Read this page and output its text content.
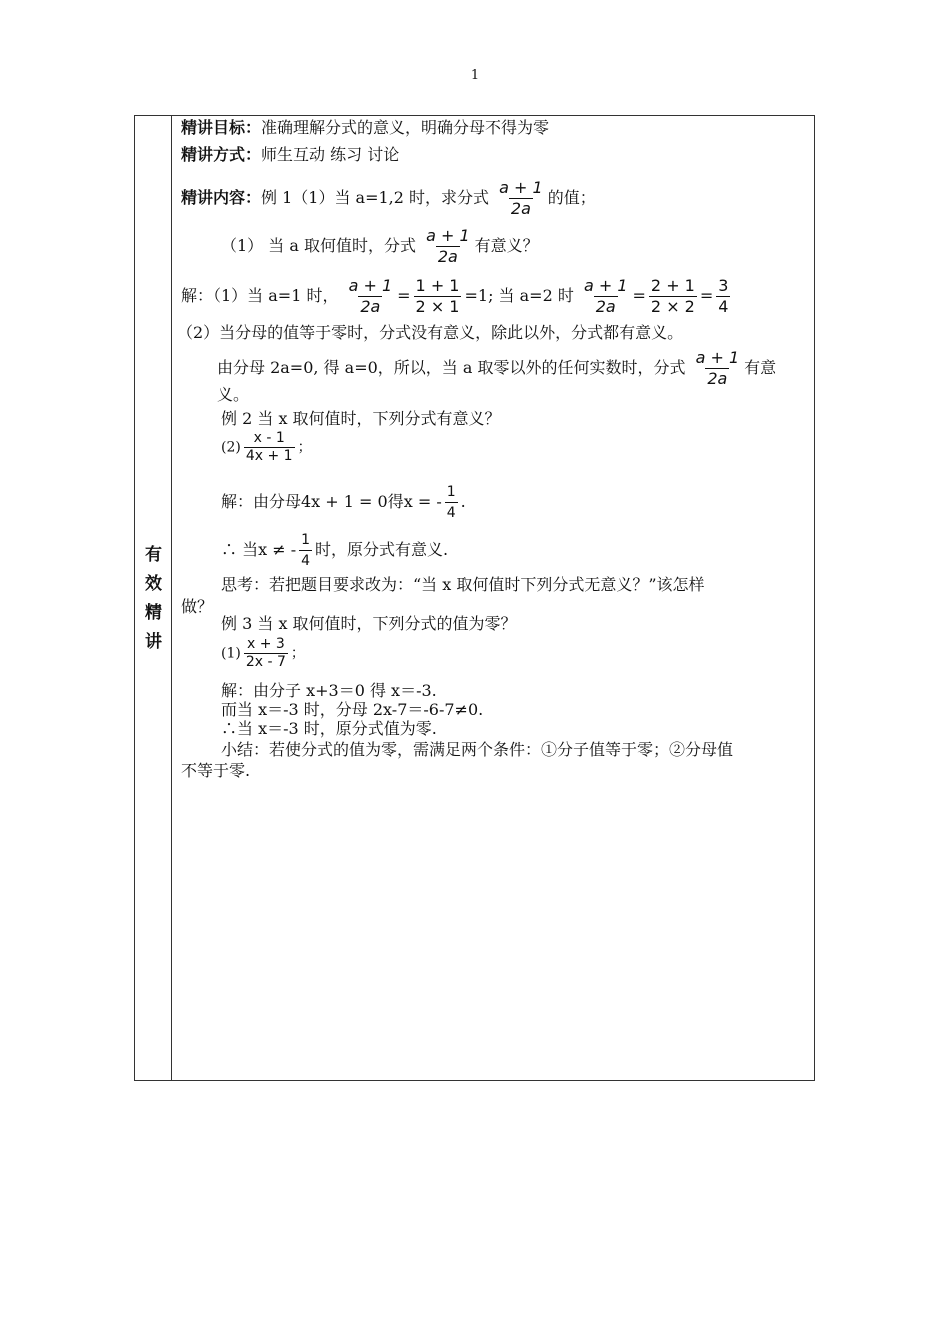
1
有
效
精
讲
精讲目标：准确理解分式的意义，明确分母不得为零
精讲方式：师生互动 练习 讨论
精讲内容：例 1（1）当 a=1,2 时，求分式 $\frac{a + 1}{2a}$ 的值；
（1） 当 a 取何值时，分式 $\frac{a + 1}{2a}$ 有意义？
解：（1）当 a=1 时， $\frac{a + 1}{2a} = \frac{1 + 1}{2 \times 1} =1$; 当 a=2 时 $\frac{a + 1}{2a} = \frac{2 + 1}{2 \times 2} = \frac{3}{4}$
（2）当分母的值等于零时，分式没有意义，除此以外，分式都有意义。
由分母 2a=0, 得 a=0，所以，当 a 取零以外的任何实数时，分式 $\frac{a + 1}{2a}$ 有意
义。
例 2 当 x 取何值时，下列分式有意义？
$(2) \frac{x - 1}{4x + 1}$ ；
解：由分母4x + 1 = 0得x = - $\frac{1}{4}$ .
∴ 当x ≠ - $\frac{1}{4}$ 时，原分式有意义.
思考：若把题目要求改为：“当 x 取何值时下列分式无意义？”该怎样
做？
例 3 当 x 取何值时，下列分式的值为零？
$(1) \frac{x + 3}{2x - 7}$ ；
解：由分子 x+3＝0 得 x＝-3.
而当 x＝-3 时，分母 2x-7＝-6-7≠0.
∴当 x＝-3 时，原分式值为零.
小结：若使分式的值为零，需满足两个条件：①分子值等于零；②分母值
不等于零.
